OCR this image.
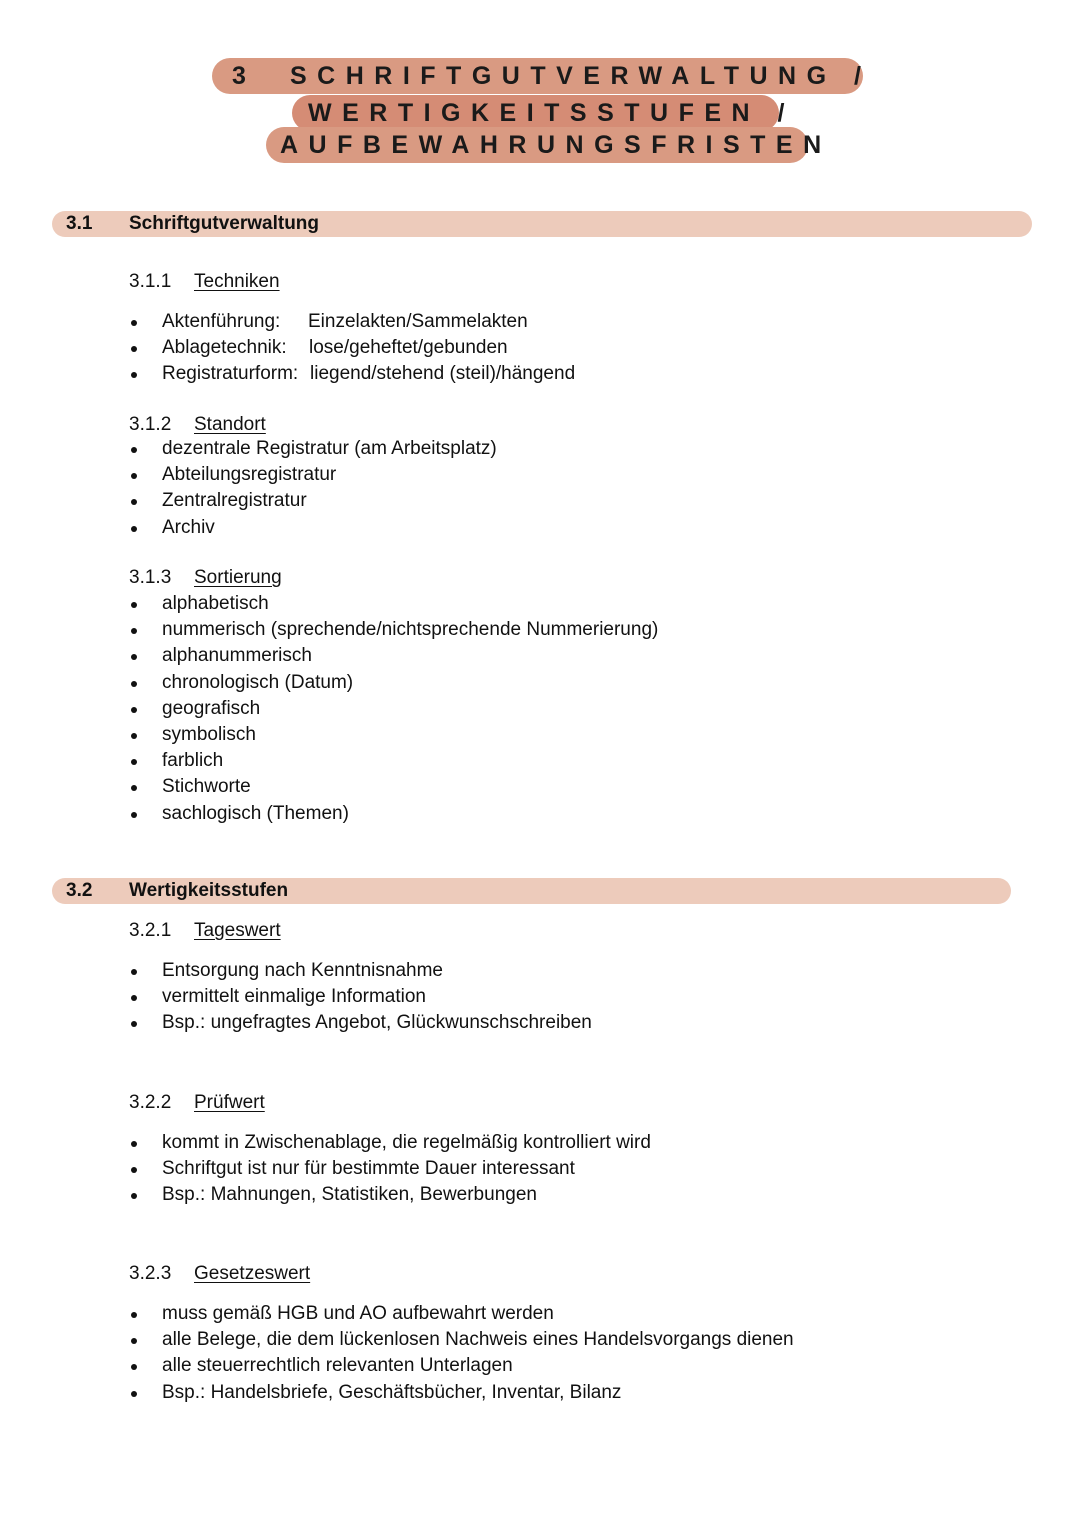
3 SCHRIFTGUTVERWALTUNG /
WERTIGKEITSSTUFEN /
AUFBEWAHRUNGSFRISTEN
3.1 Schriftgutverwaltung
3.1.1 Techniken
Aktenführung: Einzelakten/Sammelakten
Ablagetechnik: lose/geheftet/gebunden
Registraturform: liegend/stehend (steil)/hängend
3.1.2 Standort
dezentrale Registratur (am Arbeitsplatz)
Abteilungsregistratur
Zentralregistratur
Archiv
3.1.3 Sortierung
alphabetisch
nummerisch (sprechende/nichtsprechende Nummerierung)
alphanummerisch
chronologisch (Datum)
geografisch
symbolisch
farblich
Stichworte
sachlogisch (Themen)
3.2 Wertigkeitsstufen
3.2.1 Tageswert
Entsorgung nach Kenntnisnahme
vermittelt einmalige Information
Bsp.: ungefragtes Angebot, Glückwunschschreiben
3.2.2 Prüfwert
kommt in Zwischenablage, die regelmäßig kontrolliert wird
Schriftgut ist nur für bestimmte Dauer interessant
Bsp.: Mahnungen, Statistiken, Bewerbungen
3.2.3 Gesetzeswert
muss gemäß HGB und AO aufbewahrt werden
alle Belege, die dem lückenlosen Nachweis eines Handelsvorgangs dienen
alle steuerrechtlich relevanten Unterlagen
Bsp.: Handelsbriefe, Geschäftsbücher, Inventar, Bilanz
